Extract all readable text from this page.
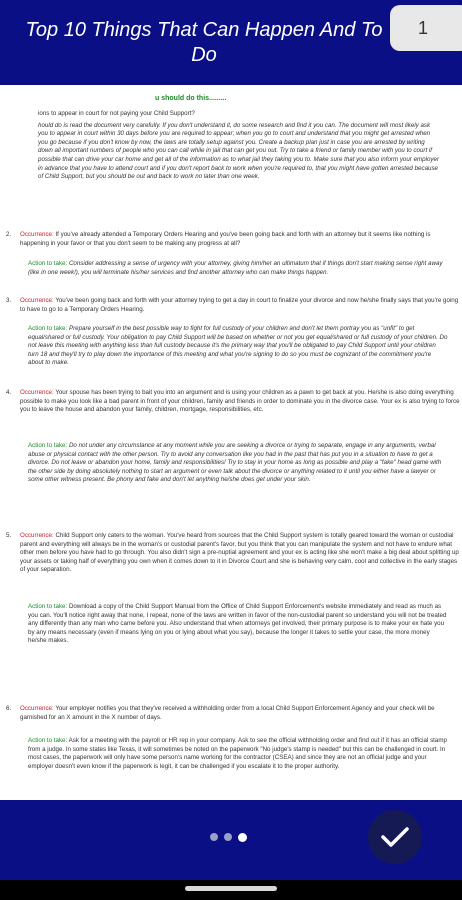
Top 10 Things That Can Happen And To Do
1
u should do this.........

ions to appear in court for not paying your Child Support?

hould do is read the document very carefully. If you don't understand it, do some research and find it you can. The document will most likely ask you to appear in court within 30 days before you are required to appear; when you go to court and understand that you might get arrested when you go because if you don't know by now, the laws are totally setup against you. Create a backup plan just in case you are arrested by writing down all important numbers of people who you can call while in jail that can get you out. Try to take a friend or family member with you to court if possible that can drive your car home and get all of the information as to what jail they taking you to. Make sure that you also inform your employer in advance that you have to attend court and if you don't report back to work when you're required to, that you might have gotten arrested because of Child Support, but you should be out and back to work no later than one week.

2. Occurrence: If you've already attended a Temporary Orders Hearing and you've been going back and forth with an attorney but it seems like nothing is happening in your favor or that you don't seem to be making any progress at all?
Action to take: Consider addressing a sense of urgency with your attorney, giving him/her an ultimatum that if things don't start making sense right away (like in one week!), you will terminate his/her services and find another attorney who can make things happen.
3. Occurrence: You've been going back and forth with your attorney trying to get a day in court to finalize your divorce and now he/she finally says that you're going to have to go to a Temporary Orders Hearing.
Action to take: Prepare yourself in the best possible way to fight for full custody of your children and don't let them portray you as "unfit" to get equal/shared or full custody. Your obligation to pay Child Support will be based on whether or not you get equal/shared or full custody of your children. Do not leave this meeting with anything less than full custody because it's the primary way that you'll be obligated to pay Child Support until your children turn 18 and they'll try to play down the importance of this meeting and what you're signing to do so you must be cognizant of the commitment you're about to make.
4. Occurrence: Your spouse has been trying to bait you into an argument and is using your children as a pawn to get back at you. He/she is also doing everything possible to make you look like a bad parent in front of your children, family and friends in order to dominate you in the divorce case. Your ex is also trying to force you to leave the house and abandon your family, children, mortgage, responsibilities, etc.
Action to take: Do not under any circumstance at any moment while you are seeking a divorce or trying to separate, engage in any arguments, verbal abuse or physical contact with the other person. Try to avoid any conversation like you had in the past that has put you in a situation to have to get a divorce. Do not leave or abandon your home, family and responsibilities! Try to stay in your home as long as possible and play a "fake" head game with the other side by doing absolutely nothing to start an argument or even talk about the divorce or anything related to it until you either have a lawyer or some other witness present. Be phony and fake and don't let anything he/she does get under your skin.
5. Occurrence: Child Support only caters to the woman. You've heard from sources that the Child Support system is totally geared toward the woman or custodial parent and everything will always be in the woman's or custodial parent's favor, but you think that you can manipulate the system and not have to endure what other men before you have had to go through. You also didn't sign a pre-nuptial agreement and your ex is acting like she won't make a big deal about splitting up your assets or taking half of everything you own when it comes down to it in Divorce Court and she is behaving very calm, cool and collective in the early stages of your separation.
Action to take: Download a copy of the Child Support Manual from the Office of Child Support Enforcement's website immediately and read as much as you can. You'll notice right away that none, I repeat, none of the laws are written in favor of the non-custodial parent so understand you will not be treated any differently than any man who came before you. Also understand that when attorneys get involved, their primary purpose is to make your ex hate you by any means necessary (even if means lying on you or lying about what you say), because the longer it takes to settle your case, the more money he/she makes.
6. Occurrence: Your employer notifies you that they've received a withholding order from a local Child Support Enforcement Agency and your check will be garnished for an X amount in the X number of days.
Action to take: Ask for a meeting with the payroll or HR rep in your company. Ask to see the official withholding order and find out if it has an official stamp from a judge. In some states like Texas, it will sometimes be noted on the paperwork "No judge's stamp is needed" but this can be challenged in court. In most cases, the paperwork will only have some person's name working for the contractor (CSEA) and since they are not an official judge and your employer doesn't even know if the paperwork is legit, it can be challenged if you escalate it to the proper authority.
